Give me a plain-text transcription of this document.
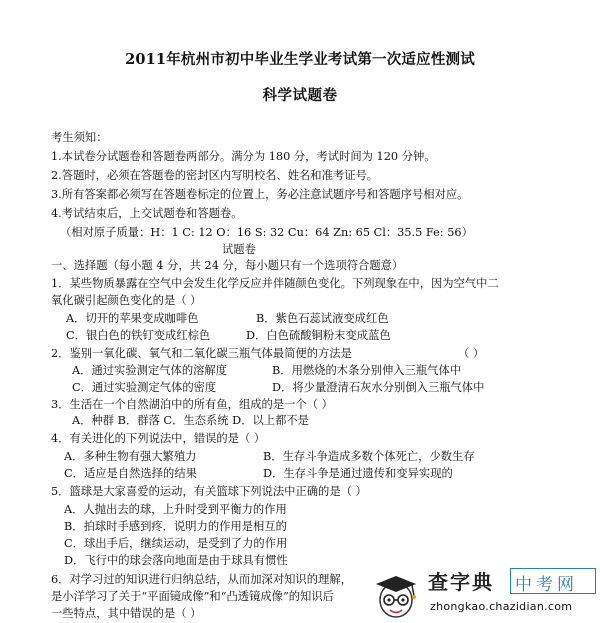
2011年杭州市初中毕业生学业考试第一次适应性测试
科学试题卷
考生须知：
1.本试卷分试题卷和答题卷两部分。满分为 180 分，考试时间为 120 分钟。
2.答题时，必须在答题卷的密封区内写明校名、姓名和准考证号。
3.所有答案都必须写在答题卷标定的位置上，务必注意试题序号和答题序号相对应。
4.考试结束后，上交试题卷和答题卷。
（相对原子质量：H：1 C: 12 O：16 S: 32 Cu：64 Zn: 65 Cl：35.5 Fe: 56）
试题卷
一、选择题（每小题 4 分，共 24 分，每小题只有一个选项符合题意）
1．某些物质暴露在空气中会发生化学反应并伴随颜色变化。下列现象在中，因为空气中二
氧化碳引起颜色变化的是（ ）
A．切开的苹果变成咖啡色	B．紫色石蕊试液变成红色
C．银白色的铁钉变成红棕色	D．白色硫酸铜粉末变成蓝色
2．鉴别一氧化碳、氧气和二氧化碳三瓶气体最简便的方法是	（ ）
A．通过实验测定气体的溶解度	B．用燃烧的木条分别伸入三瓶气体中
C．通过实验测定气体的密度	D．将少量澄清石灰水分别倒入三瓶气体中
3．生活在一个自然湖泊中的所有鱼，组成的是一个（ ）
A．种群 B．群落 C．生态系统 D．以上都不是
4．有关进化的下列说法中，错误的是（ ）
A．多种生物有强大繁殖力	B．生存斗争造成多数个体死亡，少数生存
C．适应是自然选择的结果	D．生存斗争是通过遗传和变异实现的
5．篮球是大家喜爱的运动，有关篮球下列说法中正确的是（ ）
A．人抛出去的球，上升时受到平衡力的作用
B．拍球时手感到疼．说明力的作用是相互的
C．球出手后，继续运动，是受到了力的作用
D．飞行中的球会落向地面是由于球具有惯性
6．对学习过的知识进行归纳总结，从而加深对知识的理解，
是小洋学习了关于“平面镜成像”和“凸透镜成像”的知识后
一些特点，其中错误的是（ ）
查字典 中考网
zhongkao.chazidian.com
